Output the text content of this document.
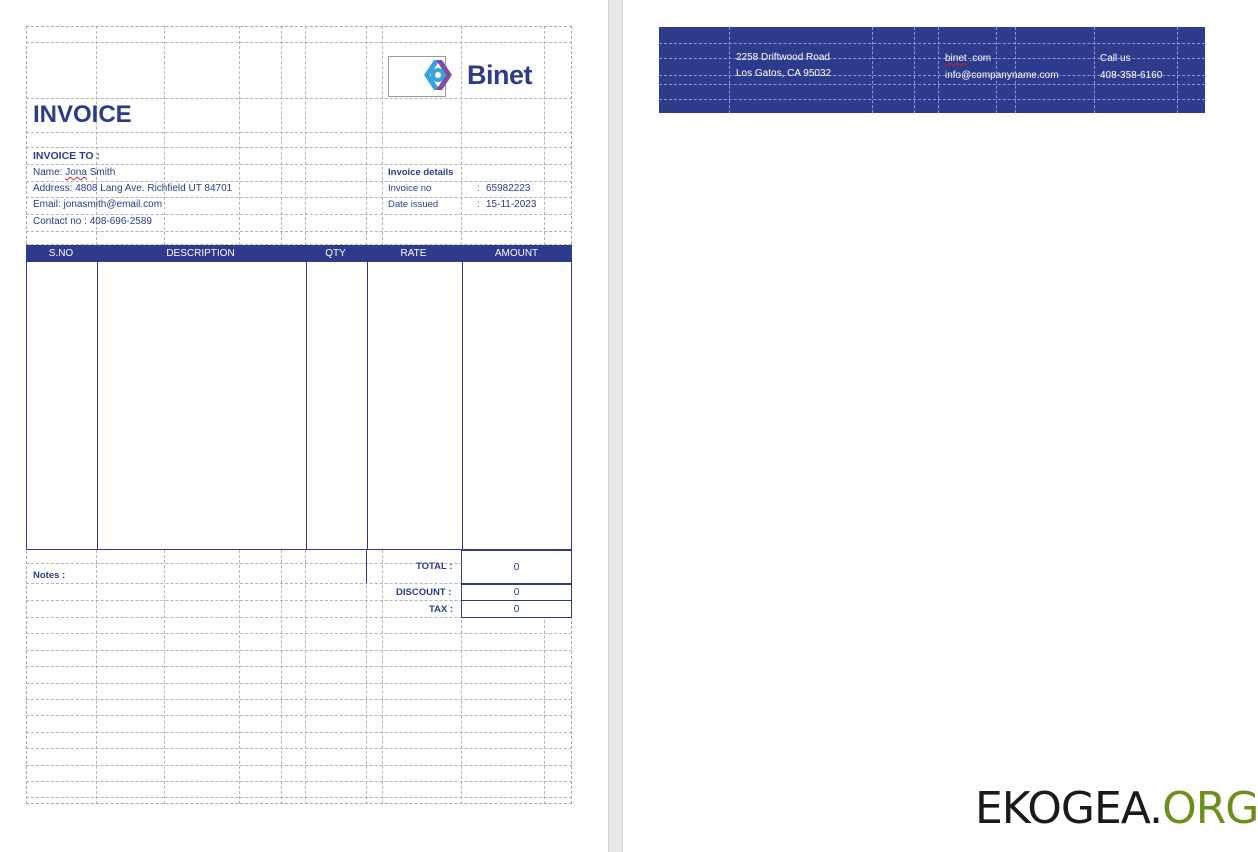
Binet
INVOICE
INVOICE TO :
Name: Jona Smith
Address: 4808 Lang Ave. Richfield UT 84701
Email: jonasmith@email.com
Contact no : 408-696-2589
Invoice details
Invoice no	: 65982223
Date issued	: 15-11-2023
S.NO	DESCRIPTION	QTY	RATE	AMOUNT
TOTAL :	0
DISCOUNT :	0
TAX :	0
Notes :
2258 Driftwood Road
Los Gatos, CA 95032
binet .com
info@companyname.com
Call us
408-358-6160
EKOGEA.ORG
